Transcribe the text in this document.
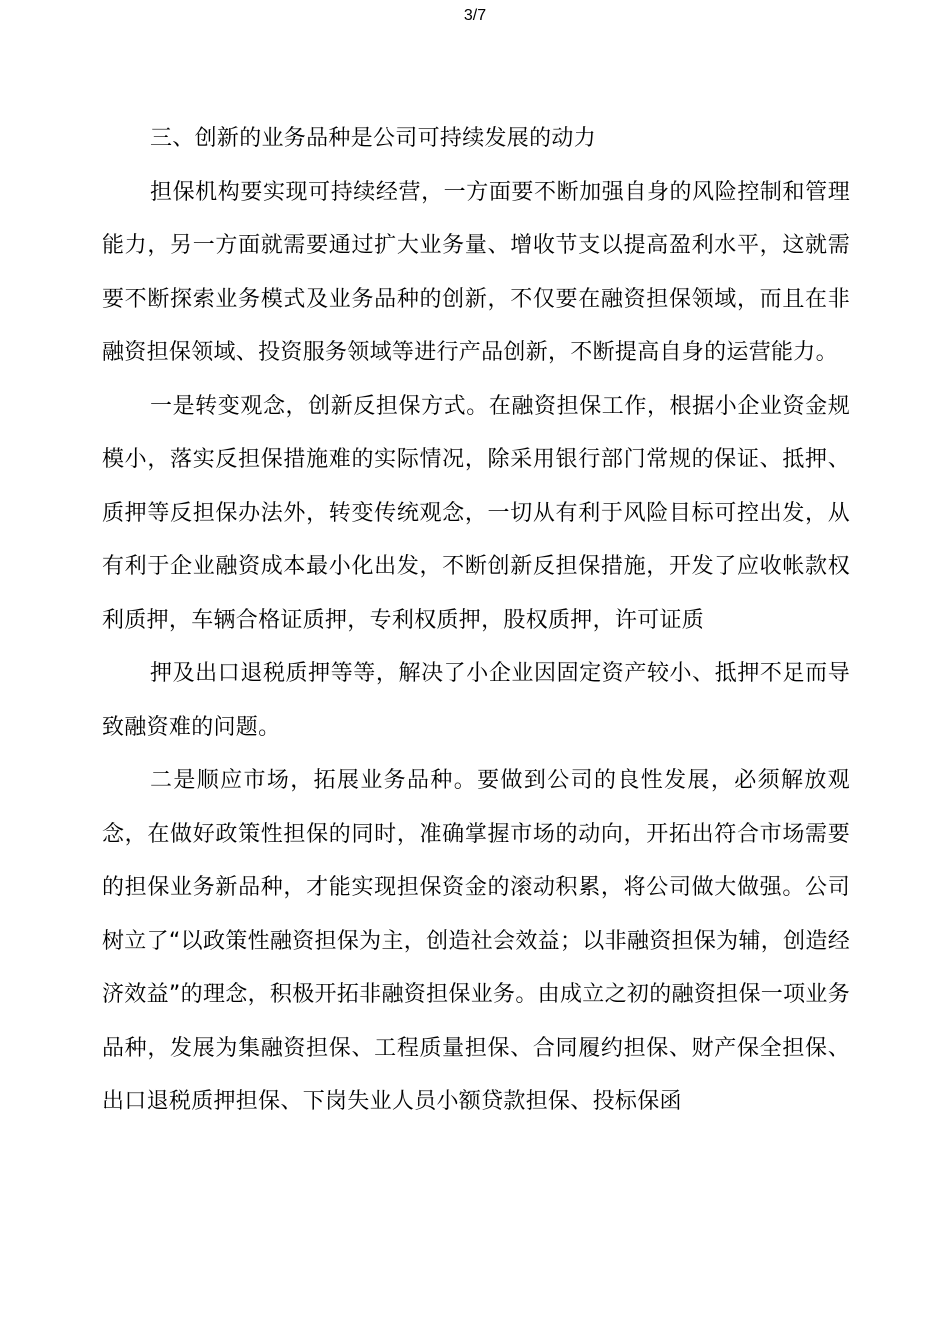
3/7

三、创新的业务品种是公司可持续发展的动力

担保机构要实现可持续经营，一方面要不断加强自身的风险控制和管理能力，另一方面就需要通过扩大业务量、增收节支以提高盈利水平，这就需要不断探索业务模式及业务品种的创新，不仅要在融资担保领域，而且在非融资担保领域、投资服务领域等进行产品创新，不断提高自身的运营能力。

一是转变观念，创新反担保方式。在融资担保工作，根据小企业资金规模小，落实反担保措施难的实际情况，除采用银行部门常规的保证、抵押、质押等反担保办法外，转变传统观念，一切从有利于风险目标可控出发，从有利于企业融资成本最小化出发，不断创新反担保措施，开发了应收帐款权利质押，车辆合格证质押，专利权质押，股权质押，许可证质

押及出口退税质押等等，解决了小企业因固定资产较小、抵押不足而导致融资难的问题。

二是顺应市场，拓展业务品种。要做到公司的良性发展，必须解放观念，在做好政策性担保的同时，准确掌握市场的动向，开拓出符合市场需要的担保业务新品种，才能实现担保资金的滚动积累，将公司做大做强。公司树立了“以政策性融资担保为主，创造社会效益；以非融资担保为辅，创造经济效益”的理念，积极开拓非融资担保业务。由成立之初的融资担保一项业务品种，发展为集融资担保、工程质量担保、合同履约担保、财产保全担保、出口退税质押担保、下岗失业人员小额贷款担保、投标保函
